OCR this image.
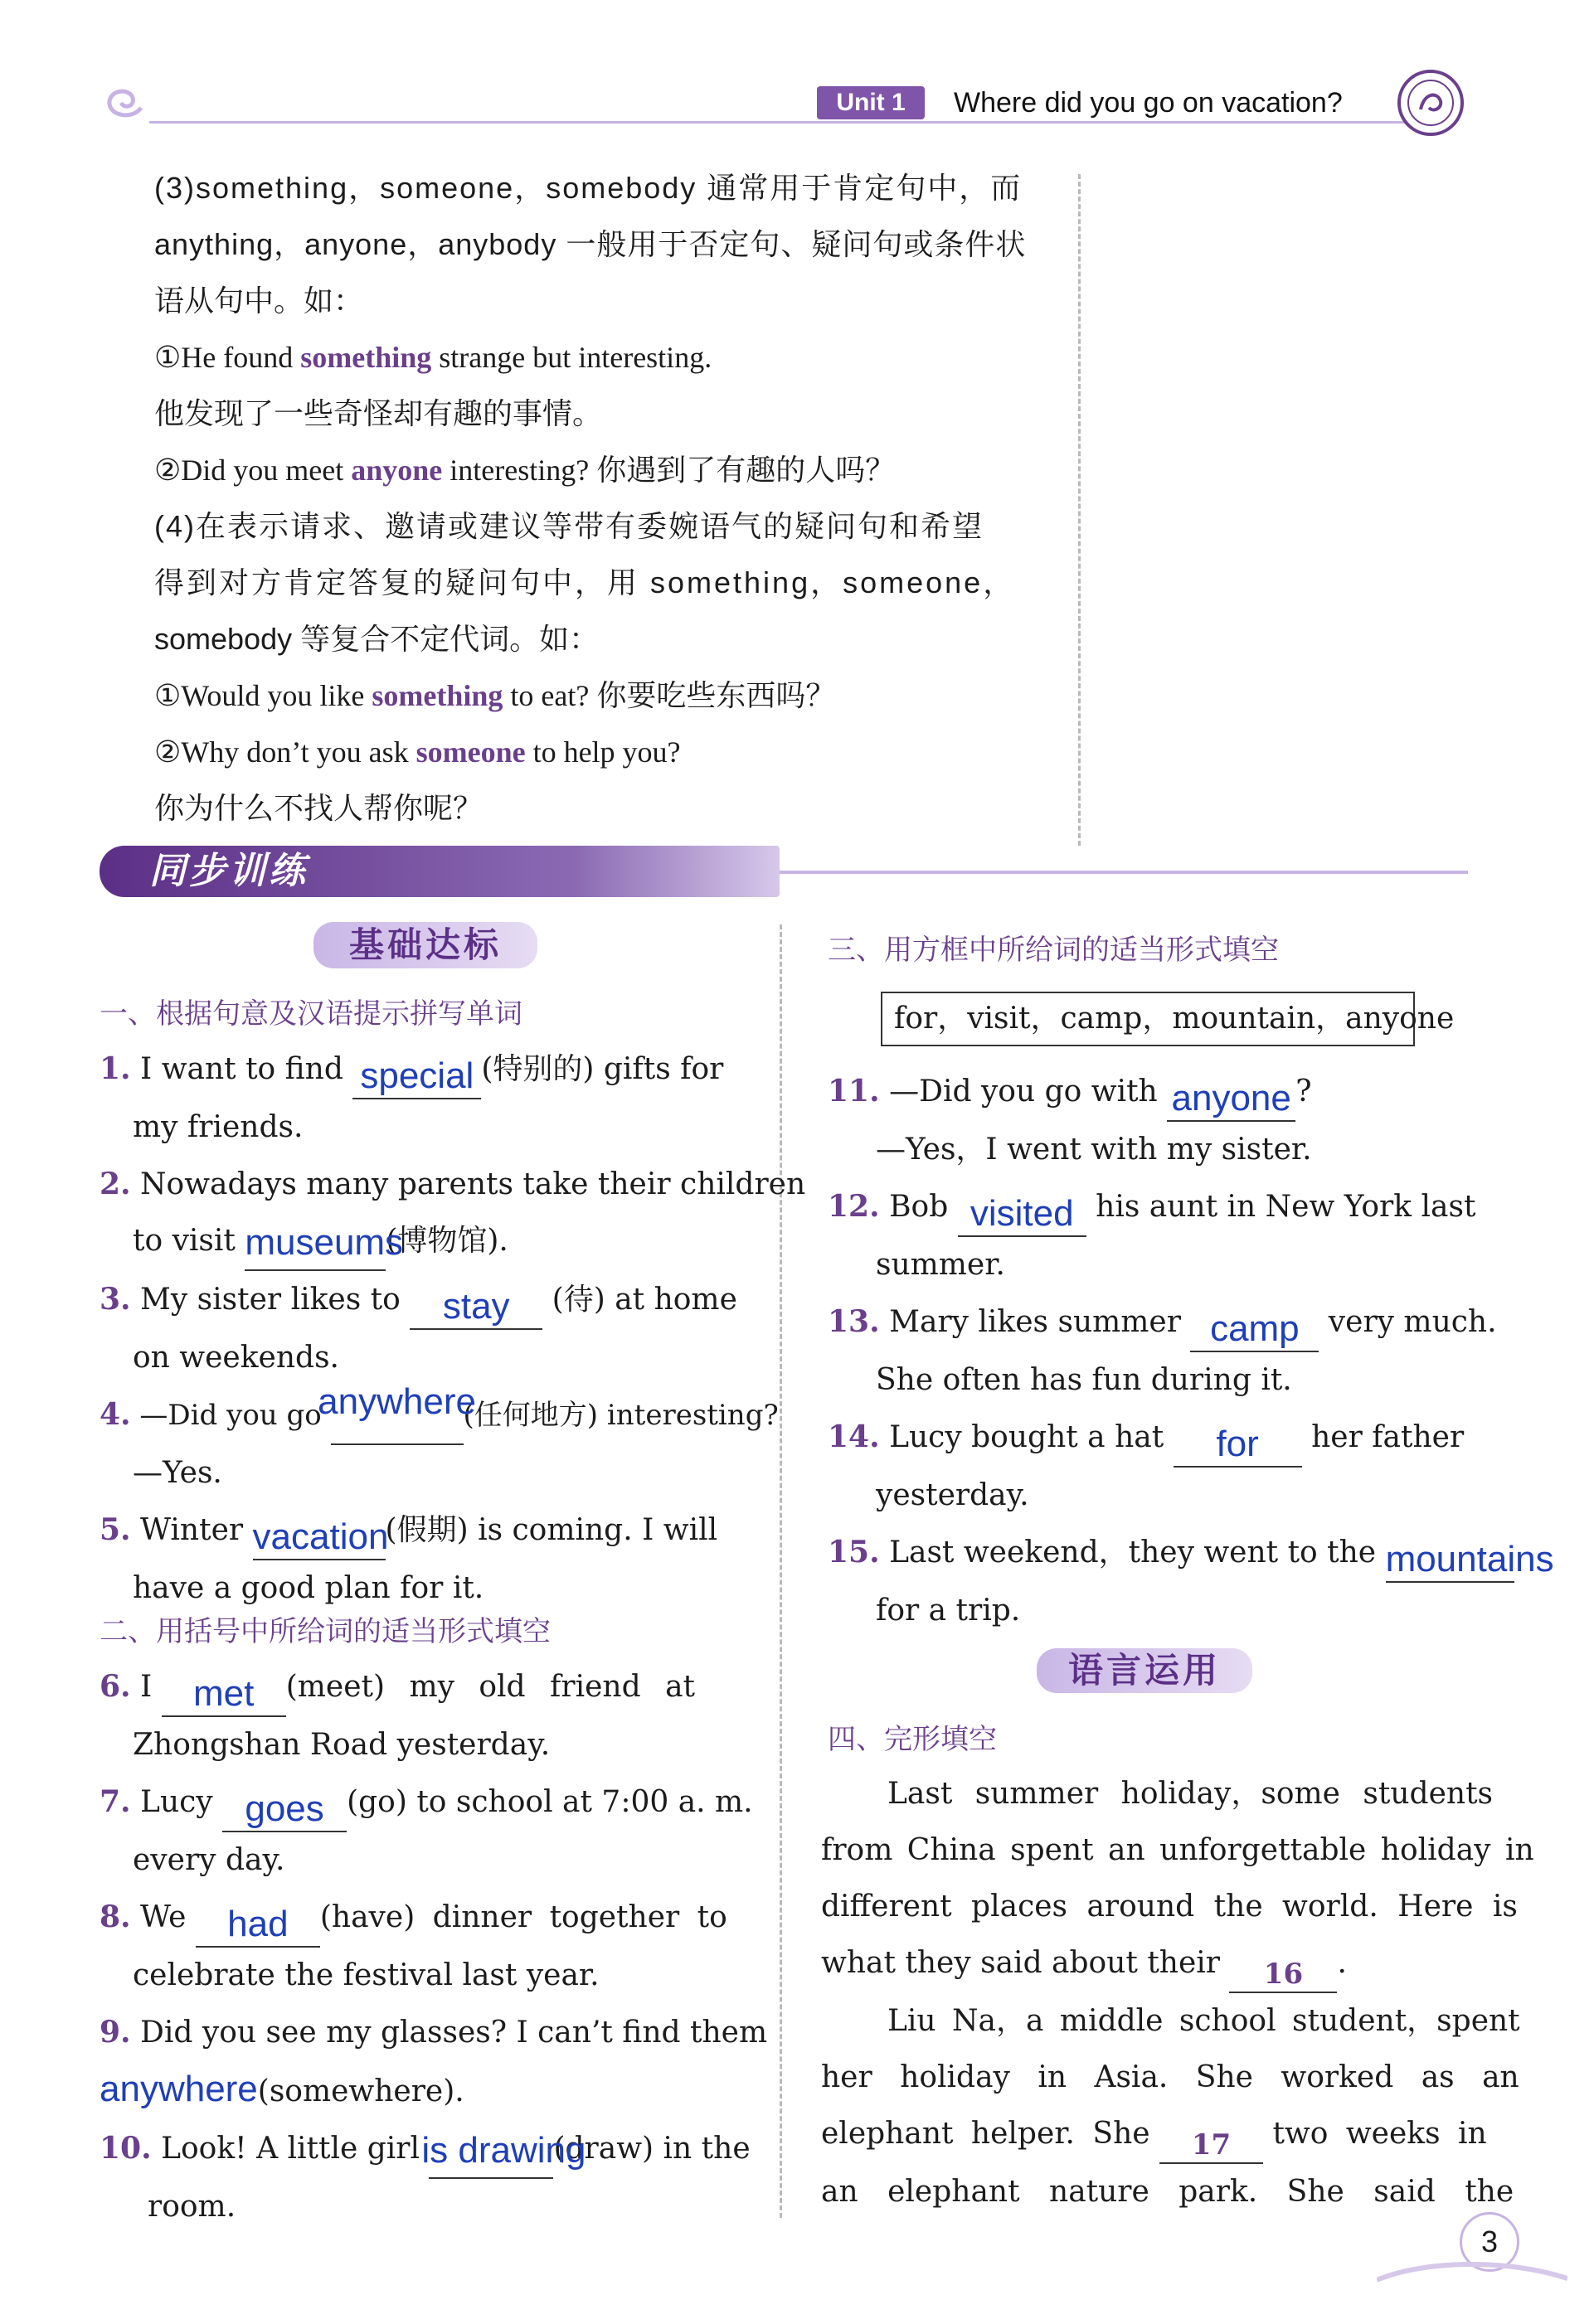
Unit 1	Where did you go on vacation?
(3)something，someone，somebody 通常用于肯定句中，而
anything，anyone，anybody 一般用于否定句、疑问句或条件状
语从句中。如：
①He found something strange but interesting.
他发现了一些奇怪却有趣的事情。
②Did you meet anyone interesting? 你遇到了有趣的人吗？
(4)在表示请求、邀请或建议等带有委婉语气的疑问句和希望
得到对方肯定答复的疑问句中，用 something，someone，
somebody 等复合不定代词。如：
①Would you like something to eat? 你要吃些东西吗？
②Why don’t you ask someone to help you?
你为什么不找人帮你呢？
同步训练
基础达标
一、根据句意及汉语提示拼写单词
1. I want to find special (特别的) gifts for
my friends.
2. Nowadays many parents take their children
to visit museums
(博物馆).
3. My sister likes to stay	(待) at home
on weekends.
4. —Did you go
anywhere
(任何地方) interesting?
—Yes.
5. Winter vacation
(假期) is coming. I will
have a good plan for it.
二、用括号中所给词的适当形式填空
6. I met	(meet) my old friend at
Zhongshan Road yesterday.
7. Lucy goes (go) to school at 7:00 a. m.
every day.
8. We had	(have) dinner together to
celebrate the festival last year.
9. Did you see my glasses? I can’t find them
anywhere(somewhere).
10. Look! A little girl
is drawing
(draw) in the
room.
三、用方框中所给词的适当形式填空
for，visit，camp，mountain，anyone
11. —Did you go with anyone ?
—Yes，I went with my sister.
12. Bob visited his aunt in New York last
summer.
13. Mary likes summer camp very much.
She often has fun during it.
14. Lucy bought a hat	for	her father
yesterday.
15. Last weekend，they went to the mountains

for a trip.
语言运用
四、完形填空
Last summer holiday，some students
from China spent an unforgettable holiday in
different places around the world. Here is
what they said about their	16	.
Liu Na，a middle school student，spent
her holiday in Asia. She worked as an
elephant helper. She	17	two weeks in
an elephant nature park. She said the
3
